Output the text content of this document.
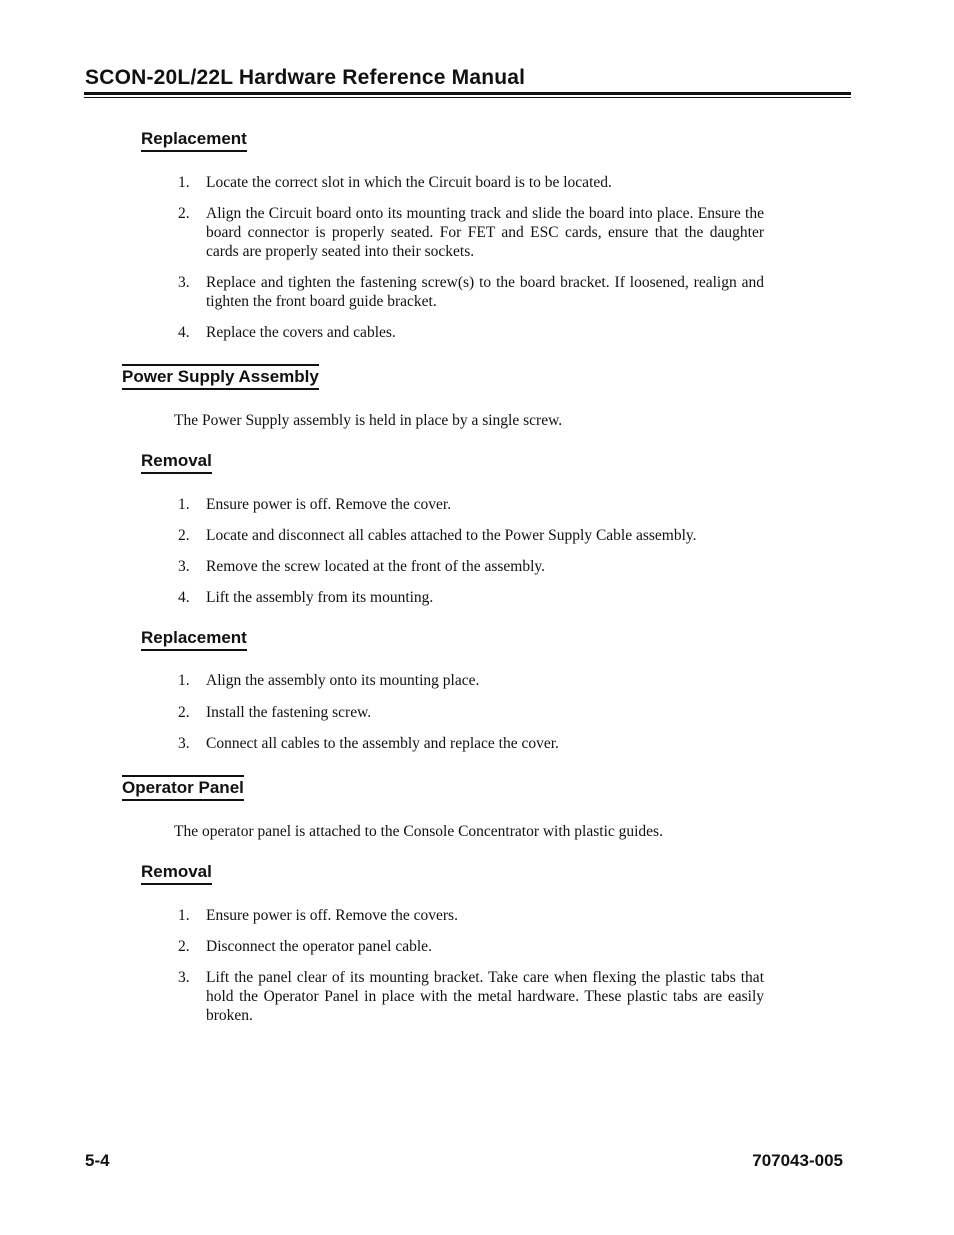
SCON-20L/22L Hardware Reference Manual
Replacement
1. Locate the correct slot in which the Circuit board is to be located.
2. Align the Circuit board onto its mounting track and slide the board into place. Ensure the board connector is properly seated. For FET and ESC cards, ensure that the daughter cards are properly seated into their sockets.
3. Replace and tighten the fastening screw(s) to the board bracket. If loosened, realign and tighten the front board guide bracket.
4. Replace the covers and cables.
Power Supply Assembly
The Power Supply assembly is held in place by a single screw.
Removal
1. Ensure power is off. Remove the cover.
2. Locate and disconnect all cables attached to the Power Supply Cable assembly.
3. Remove the screw located at the front of the assembly.
4. Lift the assembly from its mounting.
Replacement
1. Align the assembly onto its mounting place.
2. Install the fastening screw.
3. Connect all cables to the assembly and replace the cover.
Operator Panel
The operator panel is attached to the Console Concentrator with plastic guides.
Removal
1. Ensure power is off. Remove the covers.
2. Disconnect the operator panel cable.
3. Lift the panel clear of its mounting bracket. Take care when flexing the plastic tabs that hold the Operator Panel in place with the metal hardware. These plastic tabs are easily broken.
5-4	707043-005
